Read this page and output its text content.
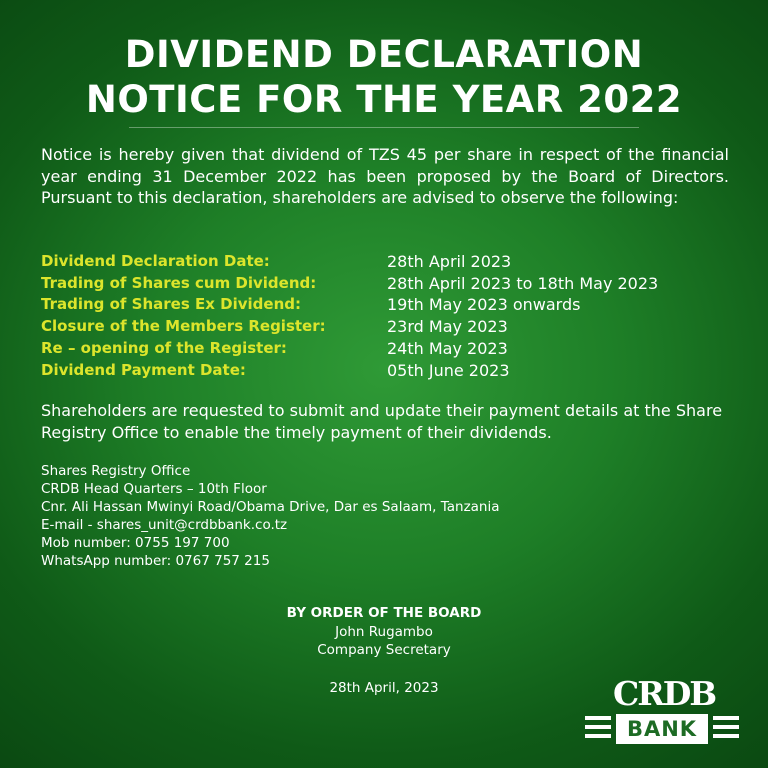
DIVIDEND DECLARATION
NOTICE FOR THE YEAR 2022
Notice is hereby given that dividend of TZS 45 per share in respect of the financial year ending 31 December 2022 has been proposed by the Board of Directors. Pursuant to this declaration, shareholders are advised to observe the following:
Dividend Declaration Date:	28th April 2023
Trading of Shares cum Dividend:	28th April 2023 to 18th May 2023
Trading of Shares Ex Dividend:	19th May 2023 onwards
Closure of the Members Register:	23rd May 2023
Re – opening of the Register:	24th May 2023
Dividend Payment Date:	05th June 2023
Shareholders are requested to submit and update their payment details at the Share Registry Office to enable the timely payment of their dividends.
Shares Registry Office
CRDB Head Quarters – 10th Floor
Cnr. Ali Hassan Mwinyi Road/Obama Drive, Dar es Salaam, Tanzania
E-mail - shares_unit@crdbbank.co.tz
Mob number: 0755 197 700
WhatsApp number: 0767 757 215
BY ORDER OF THE BOARD
John Rugambo
Company Secretary
28th April, 2023	CRDB
BANK
